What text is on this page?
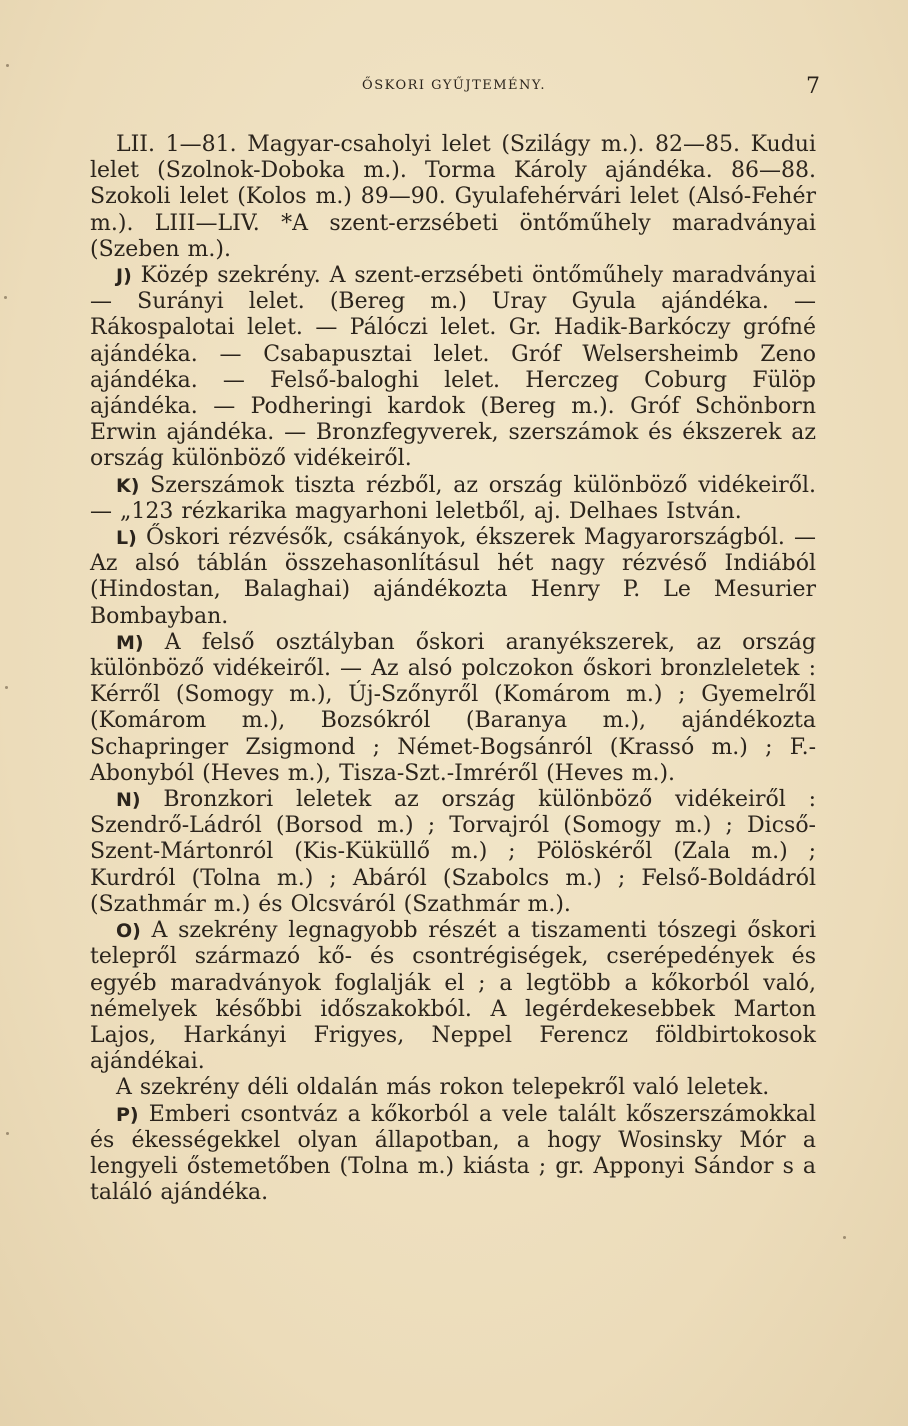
ŐSKORI GYŰJTEMÉNY.	7

LII. 1—81. Magyar-csaholyi lelet (Szilágy m.). 82—85. Kudui lelet (Szolnok-Doboka m.). Torma Károly ajándéka. 86—88. Szokoli lelet (Kolos m.) 89—90. Gyulafehérvári lelet (Alsó-Fehér m.). LIII—LIV. *A szent-erzsébeti öntőműhely maradványai (Szeben m.).

J) Közép szekrény. A szent-erzsébeti öntőműhely maradványai — Surányi lelet. (Bereg m.) Uray Gyula ajándéka. — Rákospalotai lelet. — Pálóczi lelet. Gr. Hadik-Barkóczy grófné ajándéka. — Csabapusztai lelet. Gróf Welsersheimb Zeno ajándéka. — Felső-baloghi lelet. Herczeg Coburg Fülöp ajándéka. — Podheringi kardok (Bereg m.). Gróf Schönborn Erwin ajándéka. — Bronzfegyverek, szerszámok és ékszerek az ország különböző vidékeiről.

K) Szerszámok tiszta rézből, az ország különböző vidékeiről. — „123 rézkarika magyarhoni leletből, aj. Delhaes István.

L) Őskori rézvésők, csákányok, ékszerek Magyarországból. — Az alsó táblán összehasonlításul hét nagy rézvéső Indiából (Hindostan, Balaghai) ajándékozta Henry P. Le Mesurier Bombayban.

M) A felső osztályban őskori aranyékszerek, az ország különböző vidékeiről. — Az alsó polczokon őskori bronzleletek : Kérről (Somogy m.), Új-Szőnyről (Komárom m.) ; Gyemelről (Komárom m.), Bozsókról (Baranya m.), ajándékozta Schapringer Zsigmond ; Német-Bogsánról (Krassó m.) ; F.-Abonyból (Heves m.), Tisza-Szt.-Imréről (Heves m.).

N) Bronzkori leletek az ország különböző vidékeiről : Szendrő-Ládról (Borsod m.) ; Torvajról (Somogy m.) ; Dicső-Szent-Mártonról (Kis-Küküllő m.) ; Pölöskéről (Zala m.) ; Kurdról (Tolna m.) ; Abáról (Szabolcs m.) ; Felső-Boldádról (Szathmár m.) és Olcsváról (Szathmár m.).

O) A szekrény legnagyobb részét a tiszamenti tószegi őskori telepről származó kő- és csontrégiségek, cserépedények és egyéb maradványok foglalják el ; a legtöbb a kőkorból való, némelyek későbbi időszakokból. A legérdekesebbek Marton Lajos, Harkányi Frigyes, Neppel Ferencz földbirtokosok ajándékai.

A szekrény déli oldalán más rokon telepekről való leletek.

P) Emberi csontváz a kőkorból a vele talált kőszerszámokkal és ékességekkel olyan állapotban, a hogy Wosinsky Mór a lengyeli őstemetőben (Tolna m.) kiásta ; gr. Apponyi Sándor s a találó ajándéka.
